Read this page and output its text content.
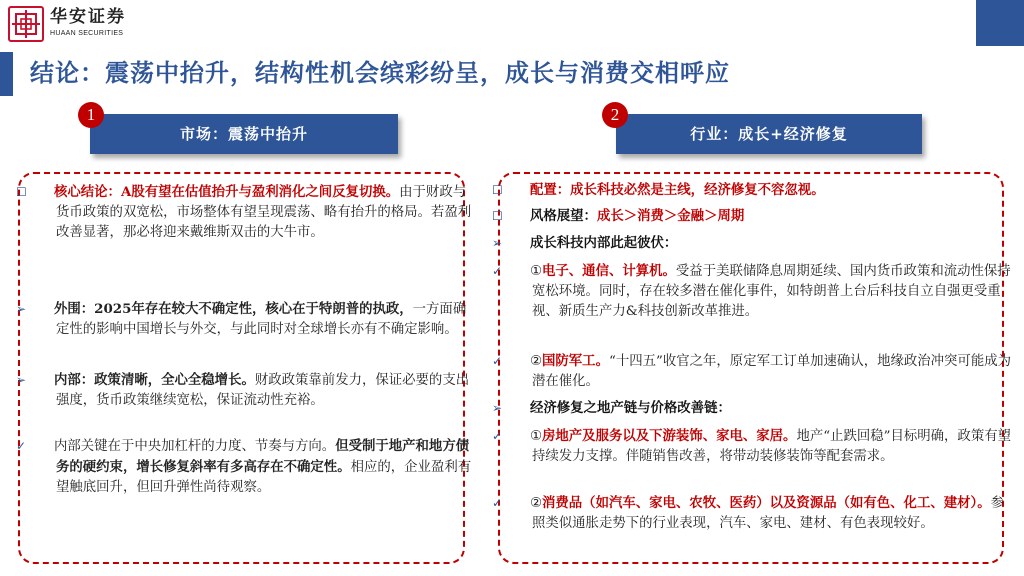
华安证券
HUAAN SECURITIES
结论：震荡中抬升，结构性机会缤彩纷呈，成长与消费交相呼应
1
市场：震荡中抬升
☐ 核心结论：A股有望在估值抬升与盈利消化之间反复切换。由于财政与货币政策的双宽松，市场整体有望呈现震荡、略有抬升的格局。若盈利改善显著，那必将迎来戴维斯双击的大牛市。
➢ 外围：2025年存在较大不确定性，核心在于特朗普的执政，一方面确定性的影响中国增长与外交，与此同时对全球增长亦有不确定影响。
➢ 内部：政策清晰，全心全稳增长。财政政策靠前发力，保证必要的支出强度，货币政策继续宽松，保证流动性充裕。
✓ 内部关键在于中央加杠杆的力度、节奏与方向。但受制于地产和地方债务的硬约束，增长修复斜率有多高存在不确定性。相应的，企业盈利有望触底回升，但回升弹性尚待观察。
2
行业：成长+经济修复
☐ 配置：成长科技必然是主线，经济修复不容忽视。
☐ 风格展望：成长＞消费＞金融＞周期
➢ 成长科技内部此起彼伏：
✓ ①电子、通信、计算机。受益于美联储降息周期延续、国内货币政策和流动性保持宽松环境。同时，存在较多潜在催化事件，如特朗普上台后科技自立自强更受重视、新质生产力&科技创新改革推进。
✓ ②国防军工。“十四五”收官之年，原定军工订单加速确认，地缘政治冲突可能成为潜在催化。
➢ 经济修复之地产链与价格改善链：
✓ ①房地产及服务以及下游装饰、家电、家居。地产“止跌回稳”目标明确，政策有望持续发力支撑。伴随销售改善，将带动装修装饰等配套需求。
✓ ②消费品（如汽车、家电、农牧、医药）以及资源品（如有色、化工、建材）。参照类似通胀走势下的行业表现，汽车、家电、建材、有色表现较好。
